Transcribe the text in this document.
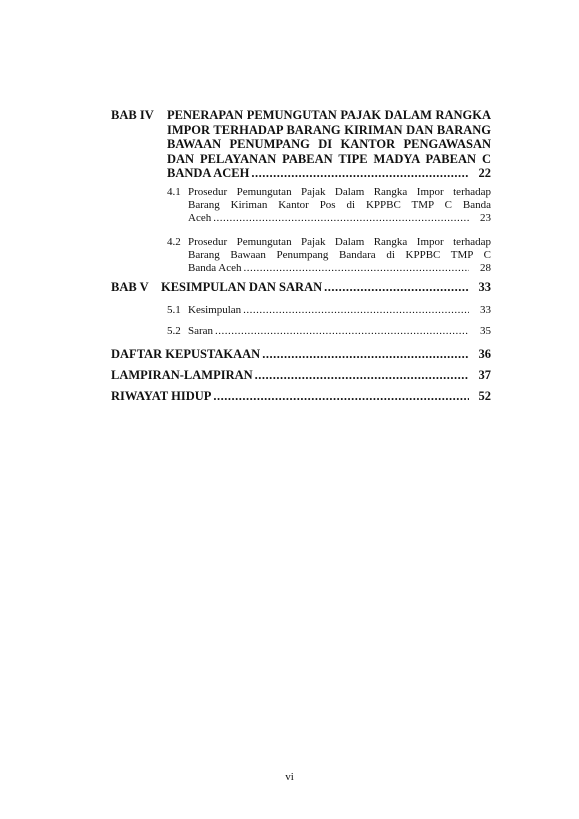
BAB IV PENERAPAN PEMUNGUTAN PAJAK DALAM RANGKA
IMPOR TERHADAP BARANG KIRIMAN DAN BARANG
BAWAAN PENUMPANG DI KANTOR PENGAWASAN
DAN PELAYANAN PABEAN TIPE MADYA PABEAN C
BANDA ACEH .....	22
4.1 Prosedur Pemungutan Pajak Dalam Rangka Impor terhadap
Barang Kiriman Kantor Pos di KPPBC TMP C Banda
Aceh .....	23
4.2 Prosedur Pemungutan Pajak Dalam Rangka Impor terhadap
Barang Bawaan Penumpang Bandara di KPPBC TMP C
Banda Aceh .....	28
BAB V KESIMPULAN DAN SARAN .....	33
5.1 Kesimpulan .....	33
5.2 Saran .....	35
DAFTAR KEPUSTAKAAN .....	36
LAMPIRAN-LAMPIRAN .....	37
RIWAYAT HIDUP .....	52
vi
